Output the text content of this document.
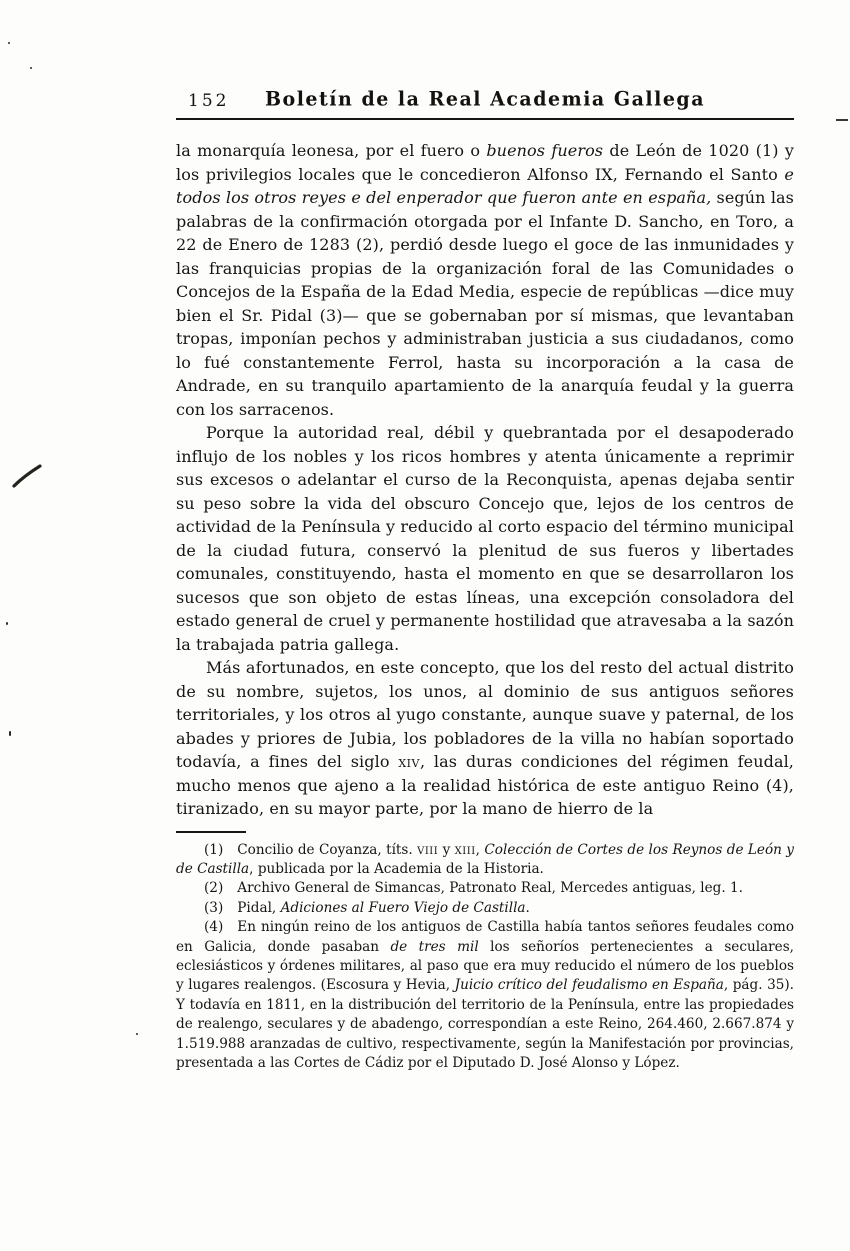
152	Boletín de la Real Academia Gallega

la monarquía leonesa, por el fuero o buenos fueros de León de 1020 (1) y los privilegios locales que le concedieron Alfonso IX, Fernando el Santo e todos los otros reyes e del enperador que fueron ante en españa, según las palabras de la confirmación otorgada por el Infante D. Sancho, en Toro, a 22 de Enero de 1283 (2), perdió desde luego el goce de las inmunidades y las franquicias propias de la organización foral de las Comunidades o Concejos de la España de la Edad Media, especie de repúblicas —dice muy bien el Sr. Pidal (3)— que se gobernaban por sí mismas, que levantaban tropas, imponían pechos y administraban justicia a sus ciudadanos, como lo fué constantemente Ferrol, hasta su incorporación a la casa de Andrade, en su tranquilo apartamiento de la anarquía feudal y la guerra con los sarracenos.

Porque la autoridad real, débil y quebrantada por el desapoderado influjo de los nobles y los ricos hombres y atenta únicamente a reprimir sus excesos o adelantar el curso de la Reconquista, apenas dejaba sentir su peso sobre la vida del obscuro Concejo que, lejos de los centros de actividad de la Península y reducido al corto espacio del término municipal de la ciudad futura, conservó la plenitud de sus fueros y libertades comunales, constituyendo, hasta el momento en que se desarrollaron los sucesos que son objeto de estas líneas, una excepción consoladora del estado general de cruel y permanente hostilidad que atravesaba a la sazón la trabajada patria gallega.

Más afortunados, en este concepto, que los del resto del actual distrito de su nombre, sujetos, los unos, al dominio de sus antiguos señores territoriales, y los otros al yugo constante, aunque suave y paternal, de los abades y priores de Jubia, los pobladores de la villa no habían soportado todavía, a fines del siglo xiv, las duras condiciones del régimen feudal, mucho menos que ajeno a la realidad histórica de este antiguo Reino (4), tiranizado, en su mayor parte, por la mano de hierro de la

(1) Concilio de Coyanza, títs. viii y xiii, Colección de Cortes de los Reynos de León y de Castilla, publicada por la Academia de la Historia.

(2) Archivo General de Simancas, Patronato Real, Mercedes antiguas, leg. 1.

(3) Pidal, Adiciones al Fuero Viejo de Castilla.

(4) En ningún reino de los antiguos de Castilla había tantos señores feudales como en Galicia, donde pasaban de tres mil los señoríos pertenecientes a seculares, eclesiásticos y órdenes militares, al paso que era muy reducido el número de los pueblos y lugares realengos. (Escosura y Hevia, Juicio crítico del feudalismo en España, pág. 35). Y todavía en 1811, en la distribución del territorio de la Península, entre las propiedades de realengo, seculares y de abadengo, correspondían a este Reino, 264.460, 2.667.874 y 1.519.988 aranzadas de cultivo, respectivamente, según la Manifestación por provincias, presentada a las Cortes de Cádiz por el Diputado D. José Alonso y López.
